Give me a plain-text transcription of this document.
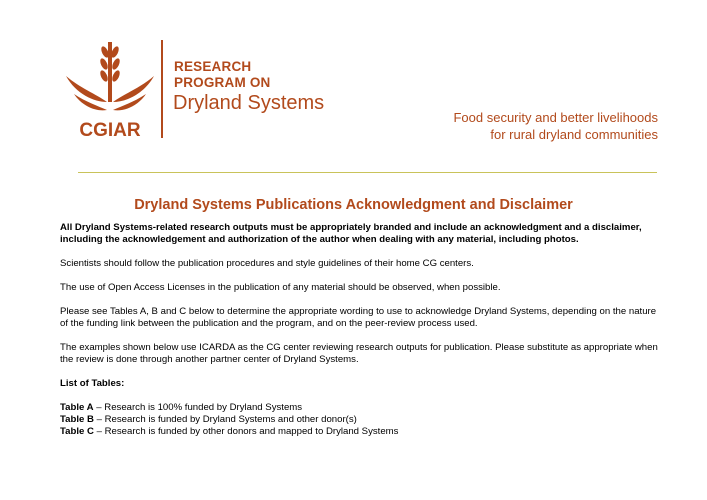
CGIAR
RESEARCH
PROGRAM ON
Dryland Systems
Food security and better livelihoods
for rural dryland communities
Dryland Systems Publications Acknowledgment and Disclaimer

All Dryland Systems-related research outputs must be appropriately branded and include an acknowledgment and a disclaimer, including the acknowledgement and authorization of the author when dealing with any material, including photos.

Scientists should follow the publication procedures and style guidelines of their home CG centers.

The use of Open Access Licenses in the publication of any material should be observed, when possible.

Please see Tables A, B and C below to determine the appropriate wording to use to acknowledge Dryland Systems, depending on the nature of the funding link between the publication and the program, and on the peer-review process used.

The examples shown below use ICARDA as the CG center reviewing research outputs for publication. Please substitute as appropriate when the review is done through another partner center of Dryland Systems.

List of Tables:

Table A – Research is 100% funded by Dryland Systems
Table B – Research is funded by Dryland Systems and other donor(s)
Table C – Research is funded by other donors and mapped to Dryland Systems
